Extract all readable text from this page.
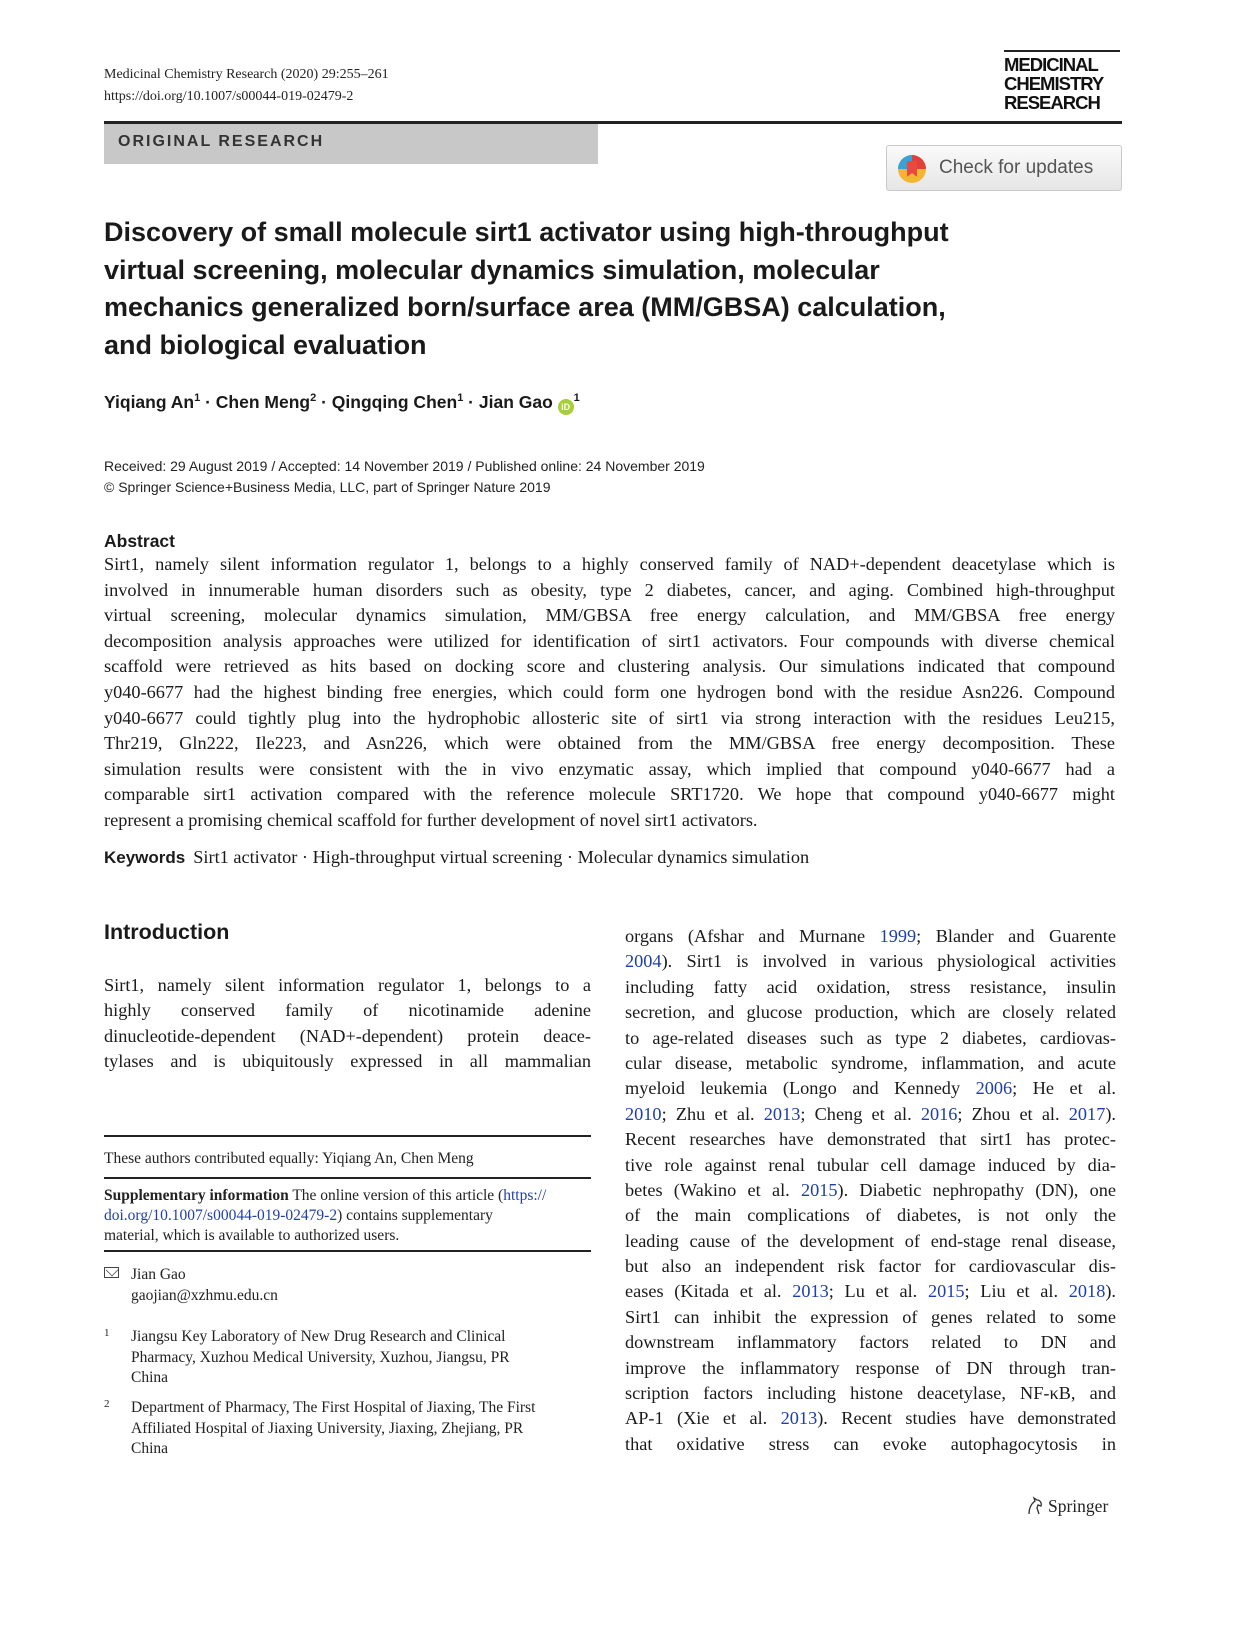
Medicinal Chemistry Research (2020) 29:255–261
https://doi.org/10.1007/s00044-019-02479-2
MEDICINAL
CHEMISTRY
RESEARCH
ORIGINAL RESEARCH
Check for updates
Discovery of small molecule sirt1 activator using high-throughput
virtual screening, molecular dynamics simulation, molecular
mechanics generalized born/surface area (MM/GBSA) calculation,
and biological evaluation
Yiqiang $An^1$ · Chen Meng$^2$ · Qingqing Chen$^1$ · Jian Gao $iD^1$
Received: 29 August 2019 / Accepted: 14 November 2019 / Published online: 24 November 2019
© Springer Science+Business Media, LLC, part of Springer Nature 2019
Abstract
Sirt1, namely silent information regulator 1, belongs to a highly conserved family of NAD+-dependent deacetylase which is
involved in innumerable human disorders such as obesity, type 2 diabetes, cancer, and aging. Combined high-throughput
virtual screening, molecular dynamics simulation, MM/GBSA free energy calculation, and MM/GBSA free energy
decomposition analysis approaches were utilized for identification of sirt1 activators. Four compounds with diverse chemical
scaffold were retrieved as hits based on docking score and clustering analysis. Our simulations indicated that compound
y040-6677 had the highest binding free energies, which could form one hydrogen bond with the residue Asn226. Compound
y040-6677 could tightly plug into the hydrophobic allosteric site of sirt1 via strong interaction with the residues Leu215,
Thr219, Gln222, Ile223, and Asn226, which were obtained from the MM/GBSA free energy decomposition. These
simulation results were consistent with the in vivo enzymatic assay, which implied that compound y040-6677 had a
comparable sirt1 activation compared with the reference molecule SRT1720. We hope that compound y040-6677 might
represent a promising chemical scaffold for further development of novel sirt1 activators.
Keywords Sirt1 activator · High-throughput virtual screening · Molecular dynamics simulation
Introduction
Sirt1, namely silent information regulator 1, belongs to a
highly conserved family of nicotinamide adenine
dinucleotide-dependent (NAD+-dependent) protein deace-
tylases and is ubiquitously expressed in all mammalian
These authors contributed equally: Yiqiang An, Chen Meng
Supplementary information The online version of this article (https://
doi.org/10.1007/s00044-019-02479-2) contains supplementary
material, which is available to authorized users.
Jian Gao
gaojian@xzhmu.edu.cn
1 Jiangsu Key Laboratory of New Drug Research and Clinical
Pharmacy, Xuzhou Medical University, Xuzhou, Jiangsu, PR
China
2 Department of Pharmacy, The First Hospital of Jiaxing, The First
Affiliated Hospital of Jiaxing University, Jiaxing, Zhejiang, PR
China
organs (Afshar and Murnane 1999; Blander and Guarente
2004). Sirt1 is involved in various physiological activities
including fatty acid oxidation, stress resistance, insulin
secretion, and glucose production, which are closely related
to age-related diseases such as type 2 diabetes, cardiovas-
cular disease, metabolic syndrome, inflammation, and acute
myeloid leukemia (Longo and Kennedy 2006; He et al.
2010; Zhu et al. 2013; Cheng et al. 2016; Zhou et al. 2017).
Recent researches have demonstrated that sirt1 has protec-
tive role against renal tubular cell damage induced by dia-
betes (Wakino et al. 2015). Diabetic nephropathy (DN), one
of the main complications of diabetes, is not only the
leading cause of the development of end-stage renal disease,
but also an independent risk factor for cardiovascular dis-
eases (Kitada et al. 2013; Lu et al. 2015; Liu et al. 2018).
Sirt1 can inhibit the expression of genes related to some
downstream inflammatory factors related to DN and
improve the inflammatory response of DN through tran-
scription factors including histone deacetylase, NF-κB, and
AP-1 (Xie et al. 2013). Recent studies have demonstrated
that oxidative stress can evoke autophagocytosis in
Springer
